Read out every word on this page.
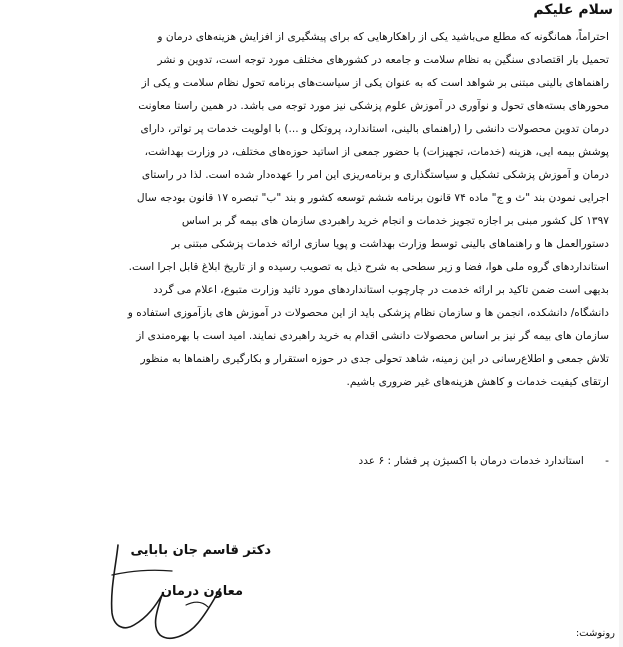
سلام علیکم

احتراماً، همانگونه که مطلع می‌باشید یکی از راهکارهایی که برای پیشگیری از افزایش هزینه‌های درمان و
تحمیل بار اقتصادی سنگین به نظام سلامت و جامعه در کشورهای مختلف مورد توجه است، تدوین و نشر
راهنماهای بالینی مبتنی بر شواهد است که به عنوان یکی از سیاست‌های برنامه تحول نظام سلامت و یکی از
محورهای بسته‌های تحول و نوآوری در آموزش علوم پزشکی نیز مورد توجه می باشد. در همین راستا معاونت
درمان تدوین محصولات دانشی را (راهنمای بالینی، استاندارد، پروتکل و ...) با اولویت خدمات پر تواتر، دارای
پوشش بیمه ایی، هزینه (خدمات، تجهیزات) با حضور جمعی از اساتید حوزه‌های مختلف، در وزارت بهداشت،
درمان و آموزش پزشکی تشکیل و سیاستگذاری و برنامه‌ریزی این امر را عهده‌دار شده است. لذا در راستای
اجرایی نمودن بند "ث و ج" ماده ۷۴ قانون برنامه ششم توسعه کشور و بند "ب" تبصره ۱۷ قانون بودجه سال
۱۳۹۷ کل کشور مبنی بر اجازه تجویز خدمات و انجام خرید راهبردی سازمان های بیمه گر بر اساس
دستورالعمل ها و راهنماهای بالینی توسط وزارت بهداشت و پویا سازی ارائه خدمات پزشکی مبتنی بر
استانداردهای گروه ملی هوا، فضا و زیر سطحی به شرح ذیل به تصویب رسیده و از تاریخ ابلاغ قابل اجرا است.
بدیهی است ضمن تاکید بر ارائه خدمت در چارچوب استانداردهای مورد تائید وزارت متبوع، اعلام می گردد
دانشگاه/ دانشکده، انجمن ها و سازمان نظام پزشکی باید از این محصولات در آموزش های بازآموزی استفاده و
سازمان های بیمه گر نیز بر اساس محصولات دانشی اقدام به خرید راهبردی نمایند. امید است با بهره‌مندی از
تلاش جمعی و اطلاع‌رسانی در این زمینه، شاهد تحولی جدی در حوزه استقرار و بکارگیری راهنماها به منظور
ارتقای کیفیت خدمات و کاهش هزینه‌های غیر ضروری باشیم.

- استاندارد خدمات درمان با اکسیژن پر فشار : ۶ عدد
دکتر قاسم جان بابایی
معاون درمان
رونوشت:
